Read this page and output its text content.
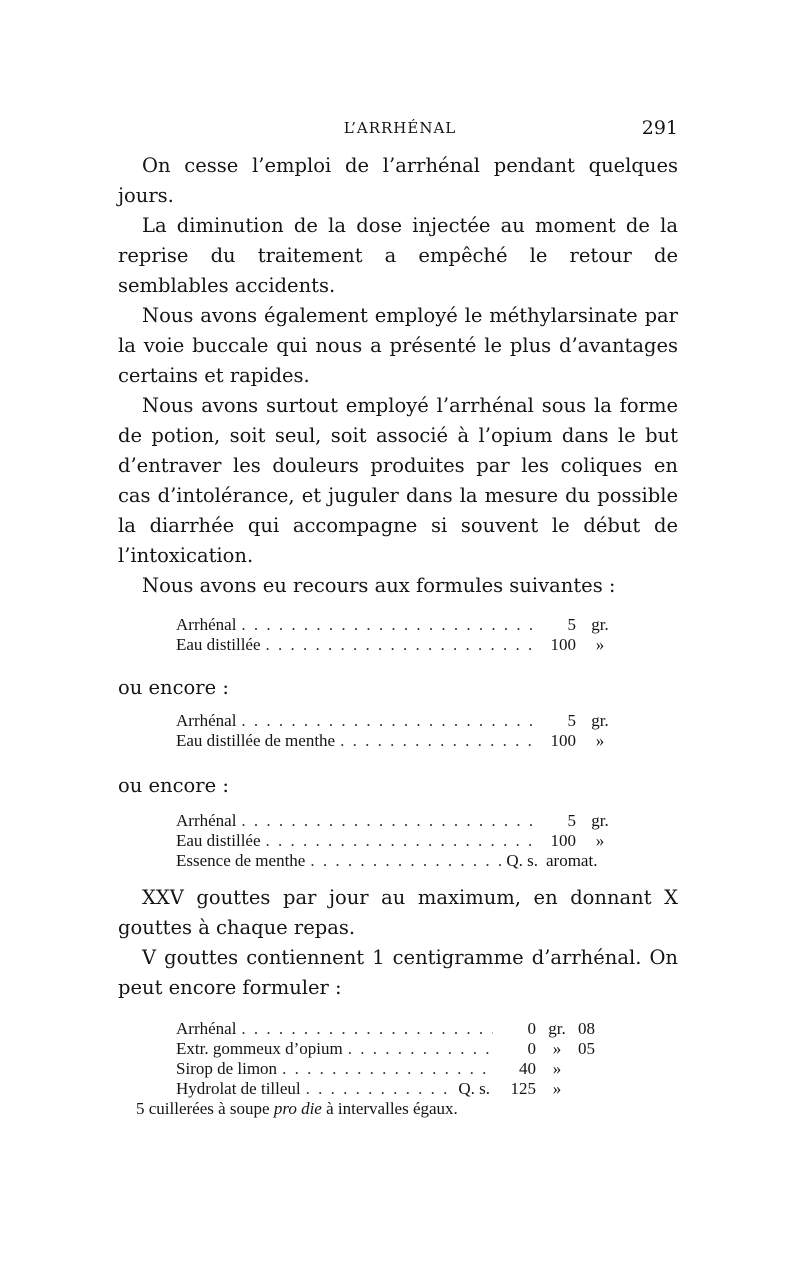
L’ARRHÉNAL	291

On cesse l’emploi de l’arrhénal pendant quelques jours.

La diminution de la dose injectée au moment de la reprise du traitement a empêché le retour de semblables accidents.

Nous avons également employé le méthylarsinate par la voie buccale qui nous a présenté le plus d’avantages certains et rapides.

Nous avons surtout employé l’arrhénal sous la forme de potion, soit seul, soit associé à l’opium dans le but d’entraver les douleurs produites par les coliques en cas d’intolérance, et juguler dans la mesure du possible la diarrhée qui accompagne si souvent le début de l’intoxication.

Nous avons eu recours aux formules suivantes :

Arrhénal . . .	5 gr.
Eau distillée . . .	100	»

ou encore :

Arrhénal . . .	5 gr.
Eau distillée de menthe . . .	100	»

ou encore :

Arrhénal . . .	5 gr.
Eau distillée . . .	100	»
Essence de menthe . . .	Q. s. aromat.

XXV gouttes par jour au maximum, en donnant X gouttes à chaque repas.

V gouttes contiennent 1 centigramme d’arrhénal. On peut encore formuler :

Arrhénal . . .	0 gr. 08
Extr. gommeux d’opium . . .	0 » 05
Sirop de limon . . .	40 »
Hydrolat de tilleul . . .	Q. s.	125 »

5 cuillerées à soupe pro die à intervalles égaux.
